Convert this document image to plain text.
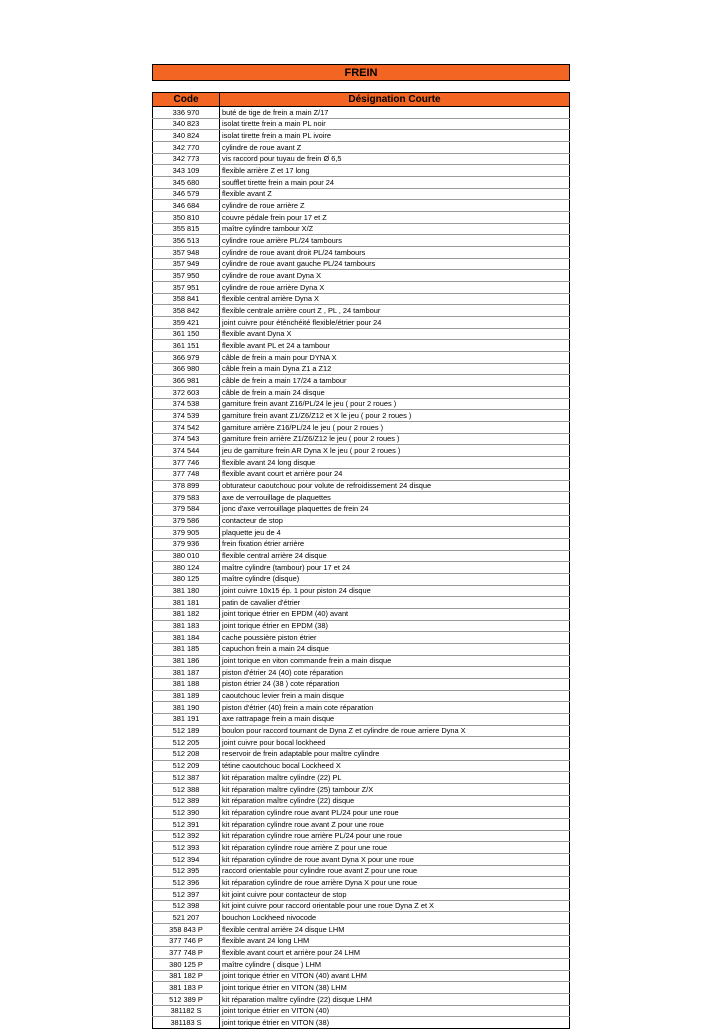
FREIN
Code	Désignation Courte
336 970	buté de tige de frein a main Z/17
340 823	isolat tirette frein a main PL noir
340 824	isolat tirette frein a main PL ivoire
342 770	cylindre de roue avant Z
342 773	vis raccord pour tuyau de frein Ø 6,5
343 109	flexible arrière Z et 17 long
345 680	soufflet tirette frein a main pour 24
346 579	flexible avant Z
346 684	cylindre de roue arrière Z
350 810	couvre pédale frein pour 17 et Z
355 815	maître cylindre tambour X/Z
356 513	cylindre roue arrière PL/24 tambours
357 948	cylindre de roue avant droit PL/24 tambours
357 949	cylindre de roue avant gauche PL/24 tambours
357 950	cylindre de roue avant Dyna X
357 951	cylindre de roue arrière Dyna X
358 841	flexible central arrière Dyna X
358 842	flexible centrale arrière court Z , PL , 24 tambour
359 421	joint cuivre pour éténchéité flexible/étrier pour 24
361 150	flexible avant Dyna X
361 151	flexible avant PL et 24 a tambour
366 979	câble de frein a main pour DYNA X
366 980	câble frein a main Dyna Z1 a Z12
366 981	câble de frein a main 17/24 a tambour
372 603	câble de frein a main 24 disque
374 538	garniture frein avant Z16/PL/24 le jeu ( pour 2 roues )
374 539	garniture frein avant Z1/Z6/Z12 et X le jeu ( pour 2 roues )
374 542	garniture arrière Z16/PL/24 le jeu ( pour 2 roues )
374 543	garniture frein arrière Z1/Z6/Z12 le jeu ( pour 2 roues )
374 544	jeu de garniture frein AR Dyna X le jeu ( pour 2 roues )
377 746	flexible avant 24 long disque
377 748	flexible avant court et arrière pour 24
378 899	obturateur caoutchouc pour volute de refroidissement 24 disque
379 583	axe de verrouillage de plaquettes
379 584	jonc d'axe verrouillage plaquettes de frein 24
379 586	contacteur de stop
379 905	plaquette jeu de 4
379 936	frein fixation étrier arrière
380 010	flexible central arrière 24 disque
380 124	maître cylindre (tambour) pour 17 et 24
380 125	maître cylindre (disque)
381 180	joint cuivre 10x15 ép. 1 pour piston 24 disque
381 181	patin de cavalier d'étrier
381 182	joint torique étrier en EPDM (40) avant
381 183	joint torique étrier en EPDM (38)
381 184	cache poussière piston étrier
381 185	capuchon frein a main 24 disque
381 186	joint torique en viton commande frein a main disque
381 187	piston d'étrier 24 (40) cote réparation
381 188	piston étrier 24 (38 ) cote réparation
381 189	caoutchouc levier frein a main disque
381 190	piston d'étrier (40) frein a main cote réparation
381 191	axe rattrapage frein a main disque
512 189	boulon pour raccord tournant de Dyna Z et cylindre de roue arriere Dyna X
512 205	joint cuivre pour bocal lockheed
512 208	reservoir de frein adaptable pour maître cylindre
512 209	tétine caoutchouc bocal Lockheed X
512 387	kit réparation maître cylindre (22) PL
512 388	kit réparation maître cylindre (25) tambour Z/X
512 389	kit réparation maître cylindre (22) disque
512 390	kit réparation cylindre roue avant PL/24 pour une roue
512 391	kit réparation cylindre roue avant Z pour une roue
512 392	kit réparation cylindre roue arrière PL/24 pour une roue
512 393	kit réparation cylindre roue arrière Z pour une roue
512 394	kit réparation cylindre de roue avant Dyna X pour une roue
512 395	raccord orientable pour cylindre roue avant Z pour une roue
512 396	kit réparation cylindre de roue arrière Dyna X pour une roue
512 397	kit joint cuivre pour contacteur de stop
512 398	kit joint cuivre pour raccord orientable pour une roue Dyna Z et X
521 207	bouchon Lockheed nivocode
358 843 P	flexible central arrière 24 disque LHM
377 746 P	flexible avant 24 long LHM
377 748 P	flexible avant court et arrière pour 24 LHM
380 125 P	maître cylindre ( disque ) LHM
381 182 P	joint torique étrier en VITON (40) avant LHM
381 183 P	joint torique étrier en VITON (38) LHM
512 389 P	kit réparation maître cylindre (22) disque LHM
381182 S	joint torique étrier en VITON (40)
381183 S	joint torique étrier en VITON (38)
